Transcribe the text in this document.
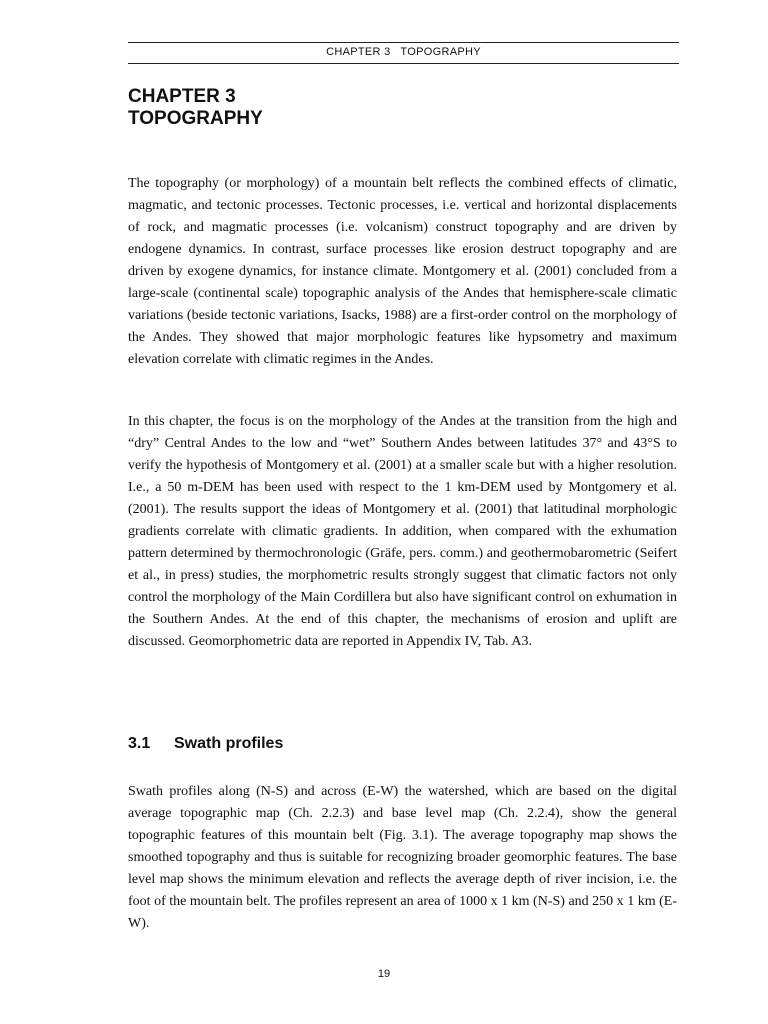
CHAPTER 3   TOPOGRAPHY
CHAPTER 3
TOPOGRAPHY

The topography (or morphology) of a mountain belt reflects the combined effects of climatic, magmatic, and tectonic processes. Tectonic processes, i.e. vertical and horizontal displacements of rock, and magmatic processes (i.e. volcanism) construct topography and are driven by endogene dynamics. In contrast, surface processes like erosion destruct topography and are driven by exogene dynamics, for instance climate. Montgomery et al. (2001) concluded from a large-scale (continental scale) topographic analysis of the Andes that hemisphere-scale climatic variations (beside tectonic variations, Isacks, 1988) are a first-order control on the morphology of the Andes. They showed that major morphologic features like hypsometry and maximum elevation correlate with climatic regimes in the Andes.

In this chapter, the focus is on the morphology of the Andes at the transition from the high and “dry” Central Andes to the low and “wet” Southern Andes between latitudes 37° and 43°S to verify the hypothesis of Montgomery et al. (2001) at a smaller scale but with a higher resolution. I.e., a 50 m-DEM has been used with respect to the 1 km-DEM used by Montgomery et al. (2001). The results support the ideas of Montgomery et al. (2001) that latitudinal morphologic gradients correlate with climatic gradients. In addition, when compared with the exhumation pattern determined by thermochronologic (Gräfe, pers. comm.) and geothermobarometric (Seifert et al., in press) studies, the morphometric results strongly suggest that climatic factors not only control the morphology of the Main Cordillera but also have significant control on exhumation in the Southern Andes. At the end of this chapter, the mechanisms of erosion and uplift are discussed. Geomorphometric data are reported in Appendix IV, Tab. A3.

3.1 Swath profiles

Swath profiles along (N-S) and across (E-W) the watershed, which are based on the digital average topographic map (Ch. 2.2.3) and base level map (Ch. 2.2.4), show the general topographic features of this mountain belt (Fig. 3.1). The average topography map shows the smoothed topography and thus is suitable for recognizing broader geomorphic features. The base level map shows the minimum elevation and reflects the average depth of river incision, i.e. the foot of the mountain belt. The profiles represent an area of 1000 x 1 km (N-S) and 250 x 1 km (E-W).

19
